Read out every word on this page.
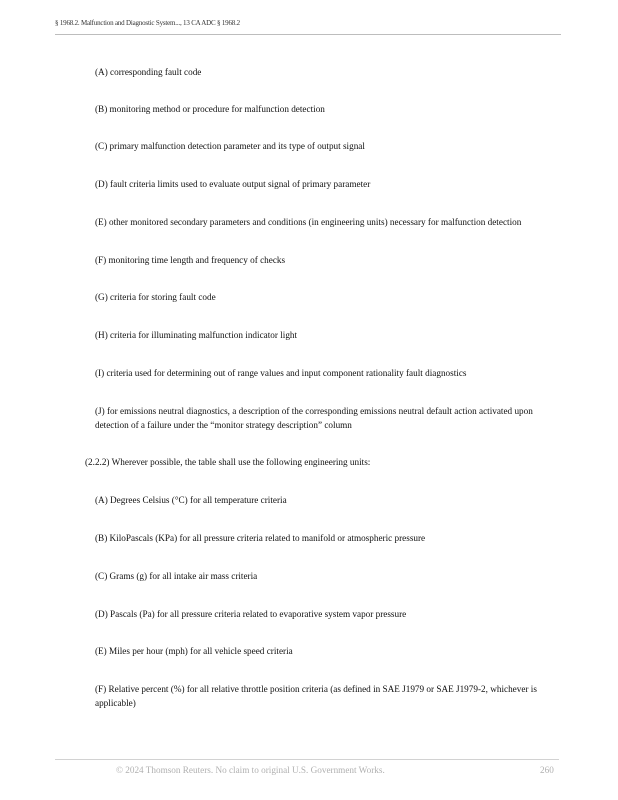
§ 1968.2. Malfunction and Diagnostic System..., 13 CA ADC § 1968.2
(A) corresponding fault code
(B) monitoring method or procedure for malfunction detection
(C) primary malfunction detection parameter and its type of output signal
(D) fault criteria limits used to evaluate output signal of primary parameter
(E) other monitored secondary parameters and conditions (in engineering units) necessary for malfunction detection
(F) monitoring time length and frequency of checks
(G) criteria for storing fault code
(H) criteria for illuminating malfunction indicator light
(I) criteria used for determining out of range values and input component rationality fault diagnostics
(J) for emissions neutral diagnostics, a description of the corresponding emissions neutral default action activated upon detection of a failure under the “monitor strategy description” column
(2.2.2) Wherever possible, the table shall use the following engineering units:
(A) Degrees Celsius (°C) for all temperature criteria
(B) KiloPascals (KPa) for all pressure criteria related to manifold or atmospheric pressure
(C) Grams (g) for all intake air mass criteria
(D) Pascals (Pa) for all pressure criteria related to evaporative system vapor pressure
(E) Miles per hour (mph) for all vehicle speed criteria
(F) Relative percent (%) for all relative throttle position criteria (as defined in SAE J1979 or SAE J1979-2, whichever is applicable)
© 2024 Thomson Reuters. No claim to original U.S. Government Works.	260
